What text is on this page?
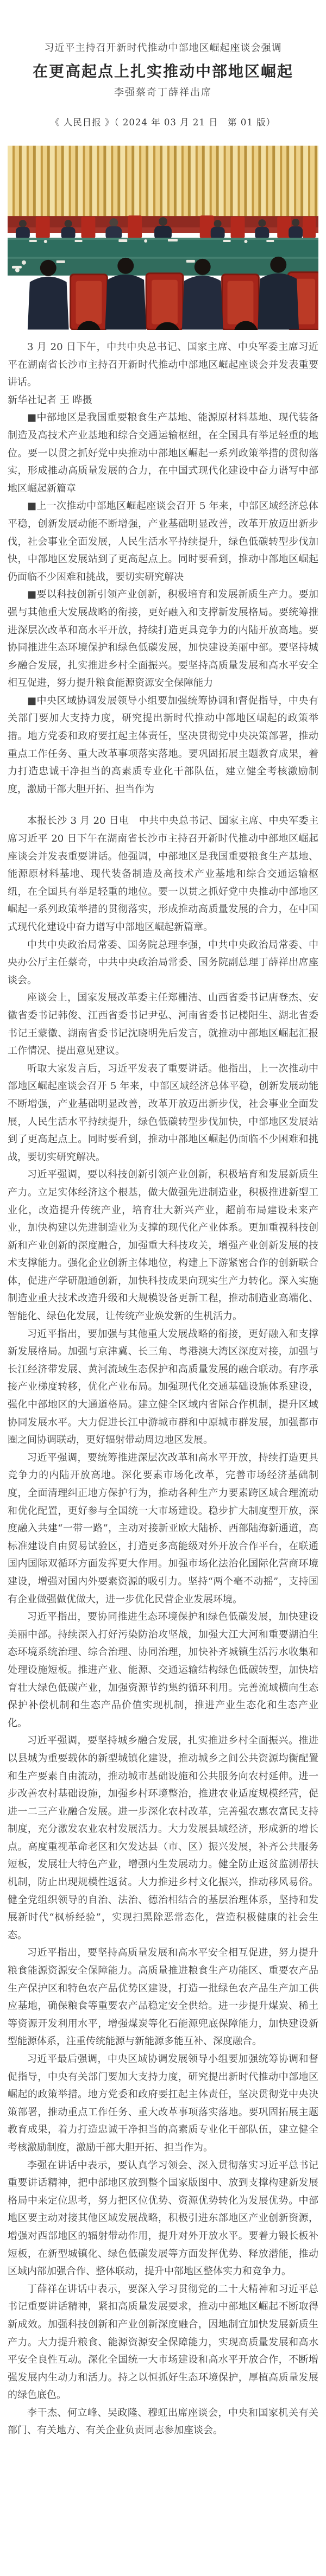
习近平主持召开新时代推动中部地区崛起座谈会强调
在更高起点上扎实推动中部地区崛起
李强蔡奇丁薛祥出席
《 人民日报 》（ 2024 年 03 月 21 日　第 01 版）

3 月 20 日下午，中共中央总书记、国家主席、中央军委主席习近平在湖南省长沙市主持召开新时代推动中部地区崛起座谈会并发表重要讲话。

新华社记者 王 晔摄

■中部地区是我国重要粮食生产基地、能源原材料基地、现代装备制造及高技术产业基地和综合交通运输枢纽，在全国具有举足轻重的地位。要一以贯之抓好党中央推动中部地区崛起一系列政策举措的贯彻落实，形成推动高质量发展的合力，在中国式现代化建设中奋力谱写中部地区崛起新篇章

■上一次推动中部地区崛起座谈会召开 5 年来，中部区域经济总体平稳，创新发展动能不断增强，产业基础明显改善，改革开放迈出新步伐，社会事业全面发展，人民生活水平持续提升，绿色低碳转型步伐加快，中部地区发展站到了更高起点上。同时要看到，推动中部地区崛起仍面临不少困难和挑战，要切实研究解决

■要以科技创新引领产业创新，积极培育和发展新质生产力。要加强与其他重大发展战略的衔接，更好融入和支撑新发展格局。要统筹推进深层次改革和高水平开放，持续打造更具竞争力的内陆开放高地。要协同推进生态环境保护和绿色低碳发展，加快建设美丽中部。要坚持城乡融合发展，扎实推进乡村全面振兴。要坚持高质量发展和高水平安全相互促进，努力提升粮食能源资源安全保障能力

■中央区域协调发展领导小组要加强统筹协调和督促指导，中央有关部门要加大支持力度，研究提出新时代推动中部地区崛起的政策举措。地方党委和政府要扛起主体责任，坚决贯彻党中央决策部署，推动重点工作任务、重大改革事项落实落地。要巩固拓展主题教育成果，着力打造忠诚干净担当的高素质专业化干部队伍，建立健全考核激励制度，激励干部大胆开拓、担当作为

本报长沙 3 月 20 日电　中共中央总书记、国家主席、中央军委主席习近平 20 日下午在湖南省长沙市主持召开新时代推动中部地区崛起座谈会并发表重要讲话。他强调，中部地区是我国重要粮食生产基地、能源原材料基地、现代装备制造及高技术产业基地和综合交通运输枢纽，在全国具有举足轻重的地位。要一以贯之抓好党中央推动中部地区崛起一系列政策举措的贯彻落实，形成推动高质量发展的合力，在中国式现代化建设中奋力谱写中部地区崛起新篇章。

中共中央政治局常委、国务院总理李强，中共中央政治局常委、中央办公厅主任蔡奇，中共中央政治局常委、国务院副总理丁薛祥出席座谈会。

座谈会上，国家发展改革委主任郑栅洁、山西省委书记唐登杰、安徽省委书记韩俊、江西省委书记尹弘、河南省委书记楼阳生、湖北省委书记王蒙徽、湖南省委书记沈晓明先后发言，就推动中部地区崛起汇报工作情况、提出意见建议。

听取大家发言后，习近平发表了重要讲话。他指出，上一次推动中部地区崛起座谈会召开 5 年来，中部区域经济总体平稳，创新发展动能不断增强，产业基础明显改善，改革开放迈出新步伐，社会事业全面发展，人民生活水平持续提升，绿色低碳转型步伐加快，中部地区发展站到了更高起点上。同时要看到，推动中部地区崛起仍面临不少困难和挑战，要切实研究解决。

习近平强调，要以科技创新引领产业创新，积极培育和发展新质生产力。立足实体经济这个根基，做大做强先进制造业，积极推进新型工业化，改造提升传统产业，培育壮大新兴产业，超前布局建设未来产业，加快构建以先进制造业为支撑的现代化产业体系。更加重视科技创新和产业创新的深度融合，加强重大科技攻关，增强产业创新发展的技术支撑能力。强化企业创新主体地位，构建上下游紧密合作的创新联合体，促进产学研融通创新，加快科技成果向现实生产力转化。深入实施制造业重大技术改造升级和大规模设备更新工程，推动制造业高端化、智能化、绿色化发展，让传统产业焕发新的生机活力。

习近平指出，要加强与其他重大发展战略的衔接，更好融入和支撑新发展格局。加强与京津冀、长三角、粤港澳大湾区深度对接，加强与长江经济带发展、黄河流域生态保护和高质量发展的融合联动。有序承接产业梯度转移，优化产业布局。加强现代化交通基础设施体系建设，强化中部地区的大通道格局。建立健全区域内省际合作机制，提升区域协同发展水平。大力促进长江中游城市群和中原城市群发展，加强都市圈之间协调联动，更好辐射带动周边地区发展。

习近平强调，要统筹推进深层次改革和高水平开放，持续打造更具竞争力的内陆开放高地。深化要素市场化改革，完善市场经济基础制度，全面清理纠正地方保护行为，推动各种生产力要素跨区域合理流动和优化配置，更好参与全国统一大市场建设。稳步扩大制度型开放，深度融入共建“一带一路”，主动对接新亚欧大陆桥、西部陆海新通道，高标准建设自由贸易试验区，打造更多高能级对外开放合作平台，在联通国内国际双循环方面发挥更大作用。加强市场化法治化国际化营商环境建设，增强对国内外要素资源的吸引力。坚持“两个毫不动摇”，支持国有企业做强做优做大，进一步优化民营企业发展环境。

习近平指出，要协同推进生态环境保护和绿色低碳发展，加快建设美丽中部。持续深入打好污染防治攻坚战，加强大江大河和重要湖泊生态环境系统治理、综合治理、协同治理，加快补齐城镇生活污水收集和处理设施短板。推进产业、能源、交通运输结构绿色低碳转型，加快培育壮大绿色低碳产业，加强资源节约集约循环利用。完善流域横向生态保护补偿机制和生态产品价值实现机制，推进产业生态化和生态产业化。

习近平强调，要坚持城乡融合发展，扎实推进乡村全面振兴。推进以县城为重要载体的新型城镇化建设，推动城乡之间公共资源均衡配置和生产要素自由流动，推动城市基础设施和公共服务向农村延伸。进一步改善农村基础设施，加强乡村环境整治，推进农业适度规模经营，促进一二三产业融合发展。进一步深化农村改革，完善强农惠农富民支持制度，充分激发农业农村发展活力。大力发展县域经济，形成新的增长点。高度重视革命老区和欠发达县（市、区）振兴发展，补齐公共服务短板，发展壮大特色产业，增强内生发展动力。健全防止返贫监测帮扶机制，防止出现规模性返贫。大力推进乡村文化振兴，推动移风易俗。健全党组织领导的自治、法治、德治相结合的基层治理体系，坚持和发展新时代“枫桥经验”，实现扫黑除恶常态化，营造积极健康的社会生态。

习近平指出，要坚持高质量发展和高水平安全相互促进，努力提升粮食能源资源安全保障能力。高质量推进粮食生产功能区、重要农产品生产保护区和特色农产品优势区建设，打造一批绿色农产品生产加工供应基地，确保粮食等重要农产品稳定安全供给。进一步提升煤炭、稀土等资源开发利用水平，增强煤炭等化石能源兜底保障能力，加快建设新型能源体系，注重传统能源与新能源多能互补、深度融合。

习近平最后强调，中央区域协调发展领导小组要加强统筹协调和督促指导，中央有关部门要加大支持力度，研究提出新时代推动中部地区崛起的政策举措。地方党委和政府要扛起主体责任，坚决贯彻党中央决策部署，推动重点工作任务、重大改革事项落实落地。要巩固拓展主题教育成果，着力打造忠诚干净担当的高素质专业化干部队伍，建立健全考核激励制度，激励干部大胆开拓、担当作为。

李强在讲话中表示，要认真学习领会、深入贯彻落实习近平总书记重要讲话精神，把中部地区放到整个国家版图中、放到支撑构建新发展格局中来定位思考，努力把区位优势、资源优势转化为发展优势。中部地区要主动对接其他区域发展战略，积极引进东部地区产业创新资源，增强对西部地区的辐射带动作用，提升对外开放水平。要着力锻长板补短板，在新型城镇化、绿色低碳发展等方面发挥优势、释放潜能，推动区域内部加强合作、整体联动，提升中部地区整体实力和竞争力。

丁薛祥在讲话中表示，要深入学习贯彻党的二十大精神和习近平总书记重要讲话精神，紧扣高质量发展要求，推动中部地区崛起不断取得新成效。加强科技创新和产业创新深度融合，因地制宜加快发展新质生产力。大力提升粮食、能源资源安全保障能力，实现高质量发展和高水平安全良性互动。深化全国统一大市场建设和高水平开放合作，不断增强发展内生动力和活力。持之以恒抓好生态环境保护，厚植高质量发展的绿色底色。

李干杰、何立峰、吴政隆、穆虹出席座谈会，中央和国家机关有关部门、有关地方、有关企业负责同志参加座谈会。
